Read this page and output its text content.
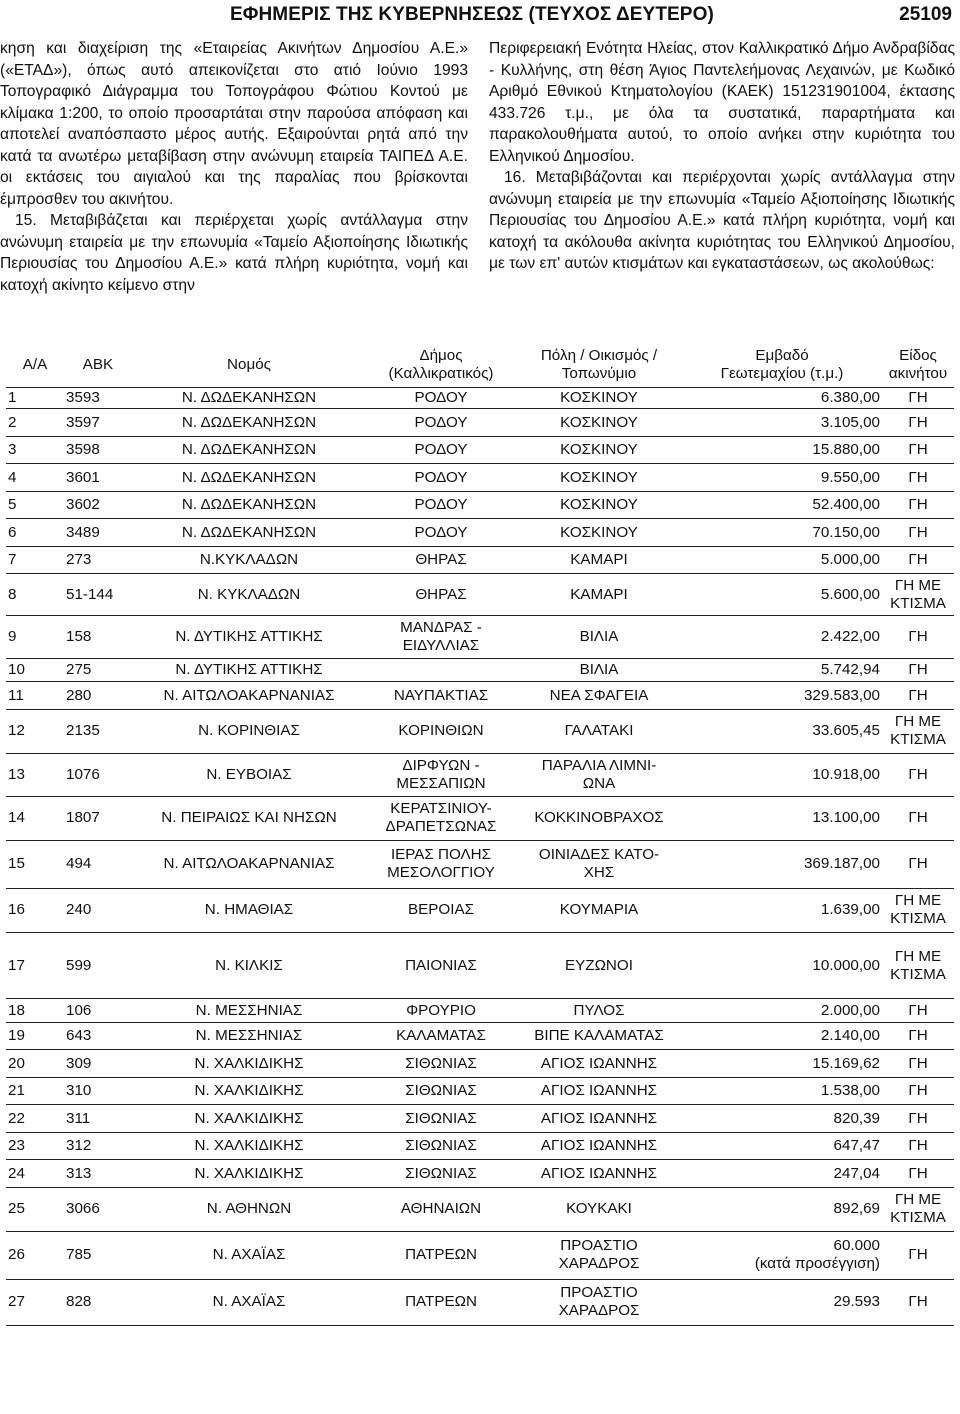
ΕΦΗΜΕΡΙΣ ΤΗΣ ΚΥΒΕΡΝΗΣΕΩΣ (ΤΕΥΧΟΣ ΔΕΥΤΕΡΟ)	25109

κηση και διαχείριση της «Εταιρείας Ακινήτων Δημοσίου Α.Ε.» («ΕΤΑΔ»), όπως αυτό απεικονίζεται στο ατιό Ιούνιο 1993 Τοπογραφικό Διάγραμμα του Τοπογράφου Φώτιου Κοντού με κλίμακα 1:200, το οποίο προσαρτάται στην παρούσα απόφαση και αποτελεί αναπόσπαστο μέρος αυτής. Εξαιρούνται ρητά από την κατά τα ανωτέρω μεταβίβαση στην ανώνυμη εταιρεία ΤΑΙΠΕΔ Α.Ε. οι εκτάσεις του αιγιαλού και της παραλίας που βρίσκονται έμπροσθεν του ακινήτου.

15. Μεταβιβάζεται και περιέρχεται χωρίς αντάλλαγμα στην ανώνυμη εταιρεία με την επωνυμία «Ταμείο Αξιοποίησης Ιδιωτικής Περιουσίας του Δημοσίου Α.Ε.» κατά πλήρη κυριότητα, νομή και κατοχή ακίνητο κείμενο στην

Περιφερειακή Ενότητα Ηλείας, στον Καλλικρατικό Δήμο Ανδραβίδας - Κυλλήνης, στη θέση Άγιος Παντελεήμονας Λεχαινών, με Κωδικό Αριθμό Εθνικού Κτηματολογίου (ΚΑΕΚ) 151231901004, έκτασης 433.726 τ.μ., με όλα τα συστατικά, παραρτήματα και παρακολουθήματα αυτού, το οποίο ανήκει στην κυριότητα του Ελληνικού Δημοσίου.

16. Μεταβιβάζονται και περιέρχονται χωρίς αντάλλαγμα στην ανώνυμη εταιρεία με την επωνυμία «Ταμείο Αξιοποίησης Ιδιωτικής Περιουσίας του Δημοσίου Α.Ε.» κατά πλήρη κυριότητα, νομή και κατοχή τα ακόλουθα ακίνητα κυριότητας του Ελληνικού Δημοσίου, με των επ' αυτών κτισμάτων και εγκαταστάσεων, ως ακολούθως:

Α/Α	ΑΒΚ	Νομός	Δήμος
(Καλλικρατικός)	Πόλη / Οικισμός /
Τοπωνύμιο	Εμβαδό
Γεωτεμαχίου (τ.μ.)	Είδος
ακινήτου
1	3593	Ν. ΔΩΔΕΚΑΝΗΣΩΝ	ΡΟΔΟΥ	ΚΟΣΚΙΝΟΥ	6.380,00	ΓΗ
2	3597	Ν. ΔΩΔΕΚΑΝΗΣΩΝ	ΡΟΔΟΥ	ΚΟΣΚΙΝΟΥ	3.105,00	ΓΗ
3	3598	Ν. ΔΩΔΕΚΑΝΗΣΩΝ	ΡΟΔΟΥ	ΚΟΣΚΙΝΟΥ	15.880,00	ΓΗ
4	3601	Ν. ΔΩΔΕΚΑΝΗΣΩΝ	ΡΟΔΟΥ	ΚΟΣΚΙΝΟΥ	9.550,00	ΓΗ
5	3602	Ν. ΔΩΔΕΚΑΝΗΣΩΝ	ΡΟΔΟΥ	ΚΟΣΚΙΝΟΥ	52.400,00	ΓΗ
6	3489	Ν. ΔΩΔΕΚΑΝΗΣΩΝ	ΡΟΔΟΥ	ΚΟΣΚΙΝΟΥ	70.150,00	ΓΗ
7	273	Ν.ΚΥΚΛΑΔΩΝ	ΘΗΡΑΣ	ΚΑΜΑΡΙ	5.000,00	ΓΗ
8	51-144	Ν. ΚΥΚΛΑΔΩΝ	ΘΗΡΑΣ	ΚΑΜΑΡΙ	5.600,00	ΓΗ ΜΕ
ΚΤΙΣΜΑ
9	158	Ν. ΔΥΤΙΚΗΣ ΑΤΤΙΚΗΣ	ΜΑΝΔΡΑΣ -
ΕΙΔΥΛΛΙΑΣ	ΒΙΛΙΑ	2.422,00	ΓΗ
10	275	Ν. ΔΥΤΙΚΗΣ ΑΤΤΙΚΗΣ		ΒΙΛΙΑ	5.742,94	ΓΗ
11	280	Ν. ΑΙΤΩΛΟΑΚΑΡΝΑΝΙΑΣ	ΝΑΥΠΑΚΤΙΑΣ	ΝΕΑ ΣΦΑΓΕΙΑ	329.583,00	ΓΗ
12	2135	Ν. ΚΟΡΙΝΘΙΑΣ	ΚΟΡΙΝΘΙΩΝ	ΓΑΛΑΤΑΚΙ	33.605,45	ΓΗ ΜΕ
ΚΤΙΣΜΑ
13	1076	Ν. ΕΥΒΟΙΑΣ	ΔΙΡΦΥΩΝ -
ΜΕΣΣΑΠΙΩΝ	ΠΑΡΑΛΙΑ ΛΙΜΝΙ-
ΩΝΑ	10.918,00	ΓΗ
14	1807	Ν. ΠΕΙΡΑΙΩΣ ΚΑΙ ΝΗΣΩΝ	ΚΕΡΑΤΣΙΝΙΟΥ-
ΔΡΑΠΕΤΣΩΝΑΣ	ΚΟΚΚΙΝΟΒΡΑΧΟΣ	13.100,00	ΓΗ
15	494	Ν. ΑΙΤΩΛΟΑΚΑΡΝΑΝΙΑΣ	ΙΕΡΑΣ ΠΟΛΗΣ
ΜΕΣΟΛΟΓΓΙΟΥ	ΟΙΝΙΑΔΕΣ ΚΑΤΟ-
ΧΗΣ	369.187,00	ΓΗ
16	240	Ν. ΗΜΑΘΙΑΣ	ΒΕΡΟΙΑΣ	ΚΟΥΜΑΡΙΑ	1.639,00	ΓΗ ΜΕ
ΚΤΙΣΜΑ
17	599	Ν. ΚΙΛΚΙΣ	ΠΑΙΟΝΙΑΣ	ΕΥΖΩΝΟΙ	10.000,00	ΓΗ ΜΕ
ΚΤΙΣΜΑ
18	106	Ν. ΜΕΣΣΗΝΙΑΣ	ΦΡΟΥΡΙΟ	ΠΥΛΟΣ	2.000,00	ΓΗ
19	643	Ν. ΜΕΣΣΗΝΙΑΣ	ΚΑΛΑΜΑΤΑΣ	ΒΙΠΕ ΚΑΛΑΜΑΤΑΣ	2.140,00	ΓΗ
20	309	Ν. ΧΑΛΚΙΔΙΚΗΣ	ΣΙΘΩΝΙΑΣ	ΑΓΙΟΣ ΙΩΑΝΝΗΣ	15.169,62	ΓΗ
21	310	Ν. ΧΑΛΚΙΔΙΚΗΣ	ΣΙΘΩΝΙΑΣ	ΑΓΙΟΣ ΙΩΑΝΝΗΣ	1.538,00	ΓΗ
22	311	Ν. ΧΑΛΚΙΔΙΚΗΣ	ΣΙΘΩΝΙΑΣ	ΑΓΙΟΣ ΙΩΑΝΝΗΣ	820,39	ΓΗ
23	312	Ν. ΧΑΛΚΙΔΙΚΗΣ	ΣΙΘΩΝΙΑΣ	ΑΓΙΟΣ ΙΩΑΝΝΗΣ	647,47	ΓΗ
24	313	Ν. ΧΑΛΚΙΔΙΚΗΣ	ΣΙΘΩΝΙΑΣ	ΑΓΙΟΣ ΙΩΑΝΝΗΣ	247,04	ΓΗ
25	3066	Ν. ΑΘΗΝΩΝ	ΑΘΗΝΑΙΩΝ	ΚΟΥΚΑΚΙ	892,69	ΓΗ ΜΕ
ΚΤΙΣΜΑ
26	785	Ν. ΑΧΑΪΑΣ	ΠΑΤΡΕΩΝ	ΠΡΟΑΣΤΙΟ
ΧΑΡΑΔΡΟΣ	60.000
(κατά προσέγγιση)	ΓΗ
27	828	Ν. ΑΧΑΪΑΣ	ΠΑΤΡΕΩΝ	ΠΡΟΑΣΤΙΟ
ΧΑΡΑΔΡΟΣ	29.593	ΓΗ
